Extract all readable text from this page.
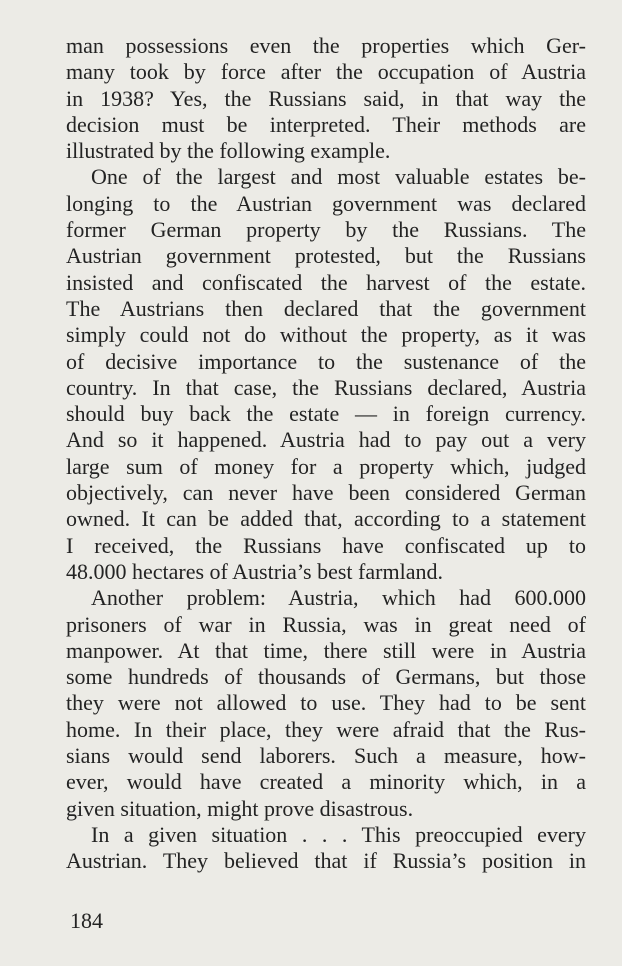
man possessions even the properties which Ger-
many took by force after the occupation of Austria
in 1938? Yes, the Russians said, in that way the
decision must be interpreted. Their methods are
illustrated by the following example.
One of the largest and most valuable estates be-
longing to the Austrian government was declared
former German property by the Russians. The
Austrian government protested, but the Russians
insisted and confiscated the harvest of the estate.
The Austrians then declared that the government
simply could not do without the property, as it was
of decisive importance to the sustenance of the
country. In that case, the Russians declared, Austria
should buy back the estate — in foreign currency.
And so it happened. Austria had to pay out a very
large sum of money for a property which, judged
objectively, can never have been considered German
owned. It can be added that, according to a statement
I received, the Russians have confiscated up to
48.000 hectares of Austria’s best farmland.
Another problem: Austria, which had 600.000
prisoners of war in Russia, was in great need of
manpower. At that time, there still were in Austria
some hundreds of thousands of Germans, but those
they were not allowed to use. They had to be sent
home. In their place, they were afraid that the Rus-
sians would send laborers. Such a measure, how-
ever, would have created a minority which, in a
given situation, might prove disastrous.
In a given situation . . . This preoccupied every
Austrian. They believed that if Russia’s position in
184
